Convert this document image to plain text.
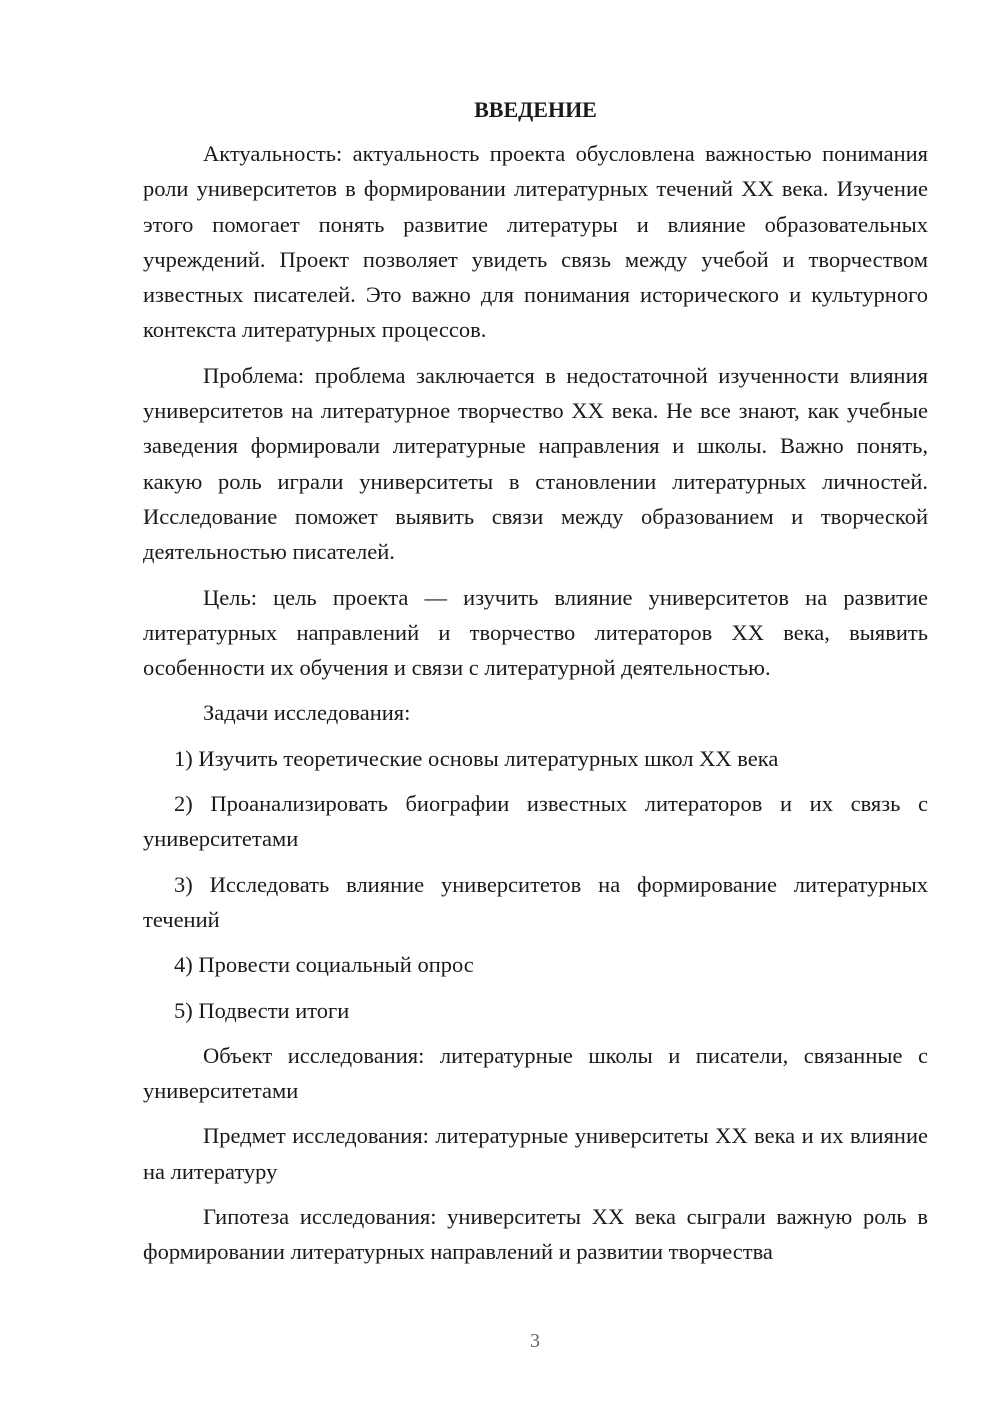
ВВЕДЕНИЕ

Актуальность: актуальность проекта обусловлена важностью понимания роли университетов в формировании литературных течений XX века. Изучение этого помогает понять развитие литературы и влияние образовательных учреждений. Проект позволяет увидеть связь между учебой и творчеством известных писателей. Это важно для понимания исторического и культурного контекста литературных процессов.

Проблема: проблема заключается в недостаточной изученности влияния университетов на литературное творчество XX века. Не все знают, как учебные заведения формировали литературные направления и школы. Важно понять, какую роль играли университеты в становлении литературных личностей. Исследование поможет выявить связи между образованием и творческой деятельностью писателей.

Цель: цель проекта — изучить влияние университетов на развитие литературных направлений и творчество литераторов XX века, выявить особенности их обучения и связи с литературной деятельностью.

Задачи исследования:

1) Изучить теоретические основы литературных школ XX века

2) Проанализировать биографии известных литераторов и их связь с университетами

3) Исследовать влияние университетов на формирование литературных течений

4) Провести социальный опрос

5) Подвести итоги

Объект исследования: литературные школы и писатели, связанные с университетами

Предмет исследования: литературные университеты XX века и их влияние на литературу

Гипотеза исследования: университеты XX века сыграли важную роль в формировании литературных направлений и развитии творчества

3
